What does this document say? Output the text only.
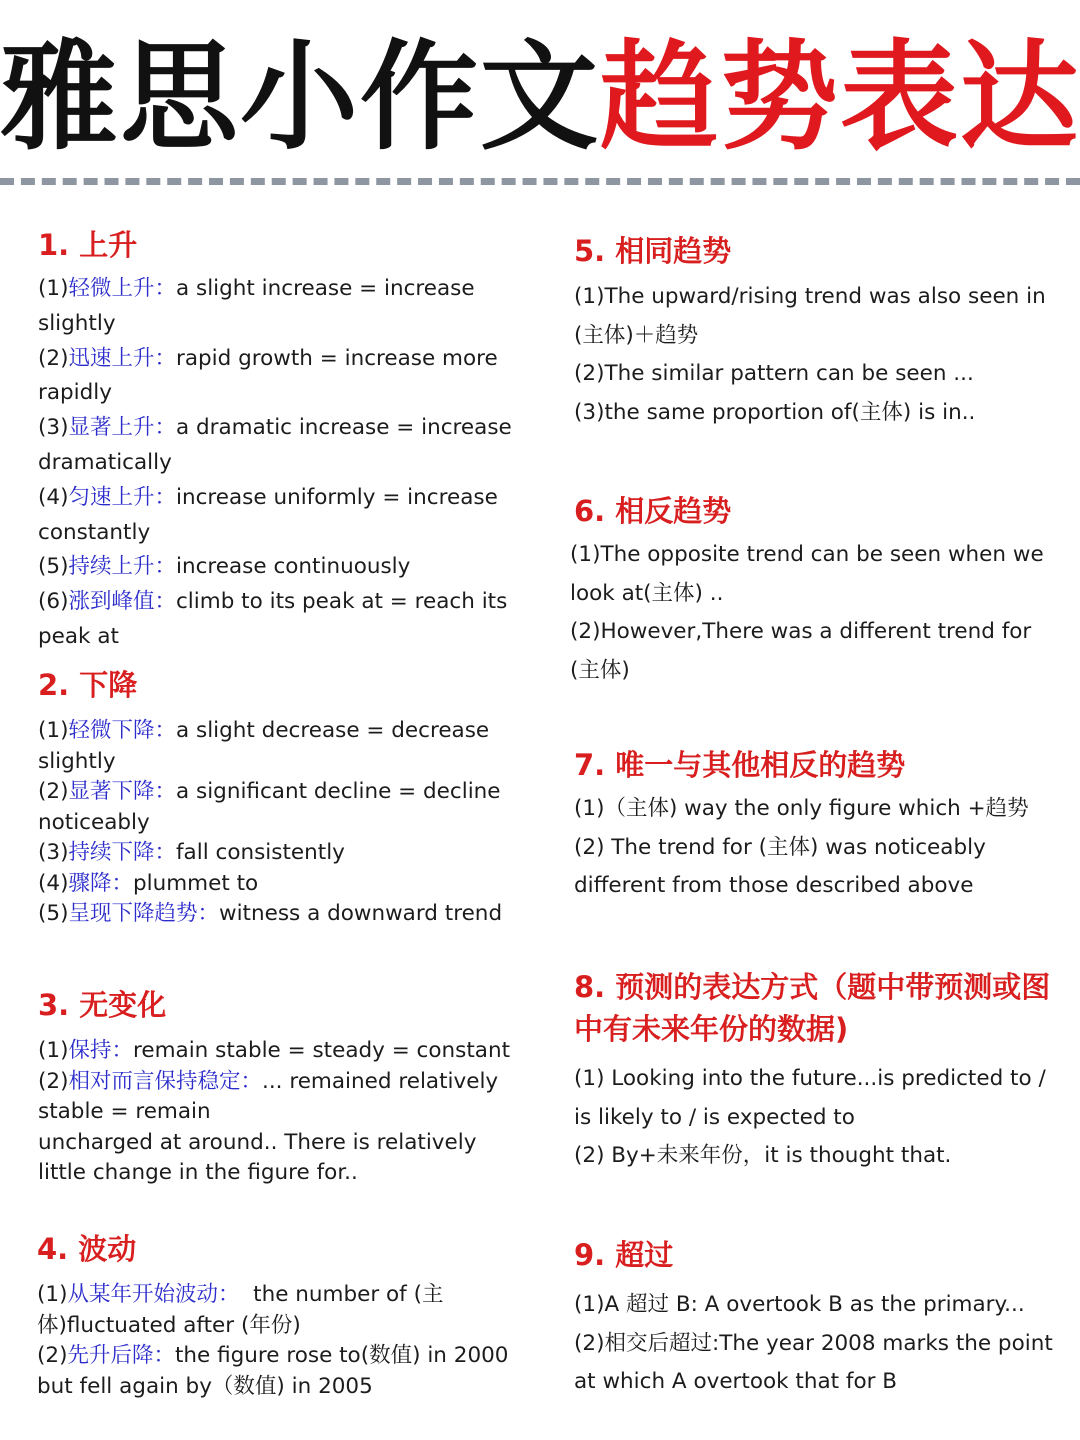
雅思小作文趋势表达

1. 上升

(1)轻微上升：a slight increase = increase slightly

(2)迅速上升：rapid growth = increase more rapidly

(3)显著上升：a dramatic increase = increase dramatically

(4)匀速上升：increase uniformly = increase constantly

(5)持续上升：increase continuously

(6)涨到峰值：climb to its peak at = reach its peak at

2. 下降

(1)轻微下降：a slight decrease = decrease slightly

(2)显著下降：a significant decline = decline noticeably

(3)持续下降：fall consistently

(4)骤降：plummet to

(5)呈现下降趋势：witness a downward trend

3. 无变化

(1)保持：remain stable = steady = constant

(2)相对而言保持稳定：... remained relatively stable = remain

uncharged at around.. There is relatively little change in the figure for..

4. 波动

(1)从某年开始波动：  the number of (主体)fluctuated after (年份)

(2)先升后降：the figure rose to(数值) in 2000 but fell again by（数值) in 2005

5. 相同趋势

(1)The upward/rising trend was also seen in (主体)＋趋势

(2)The similar pattern can be seen ...

(3)the same proportion of(主体) is in..

6. 相反趋势

(1)The opposite trend can be seen when we look at(主体) ..

(2)However,There was a different trend for (主体)

7. 唯一与其他相反的趋势

(1)（主体) way the only figure which +趋势

(2) The trend for (主体) was noticeably different from those described above

8. 预测的表达方式（题中带预测或图中有未来年份的数据)

(1) Looking into the future...is predicted to / is likely to / is expected to

(2) By+未来年份，it is thought that.

9. 超过

(1)A 超过 B: A overtook B as the primary...

(2)相交后超过:The year 2008 marks the point at which A overtook that for B
